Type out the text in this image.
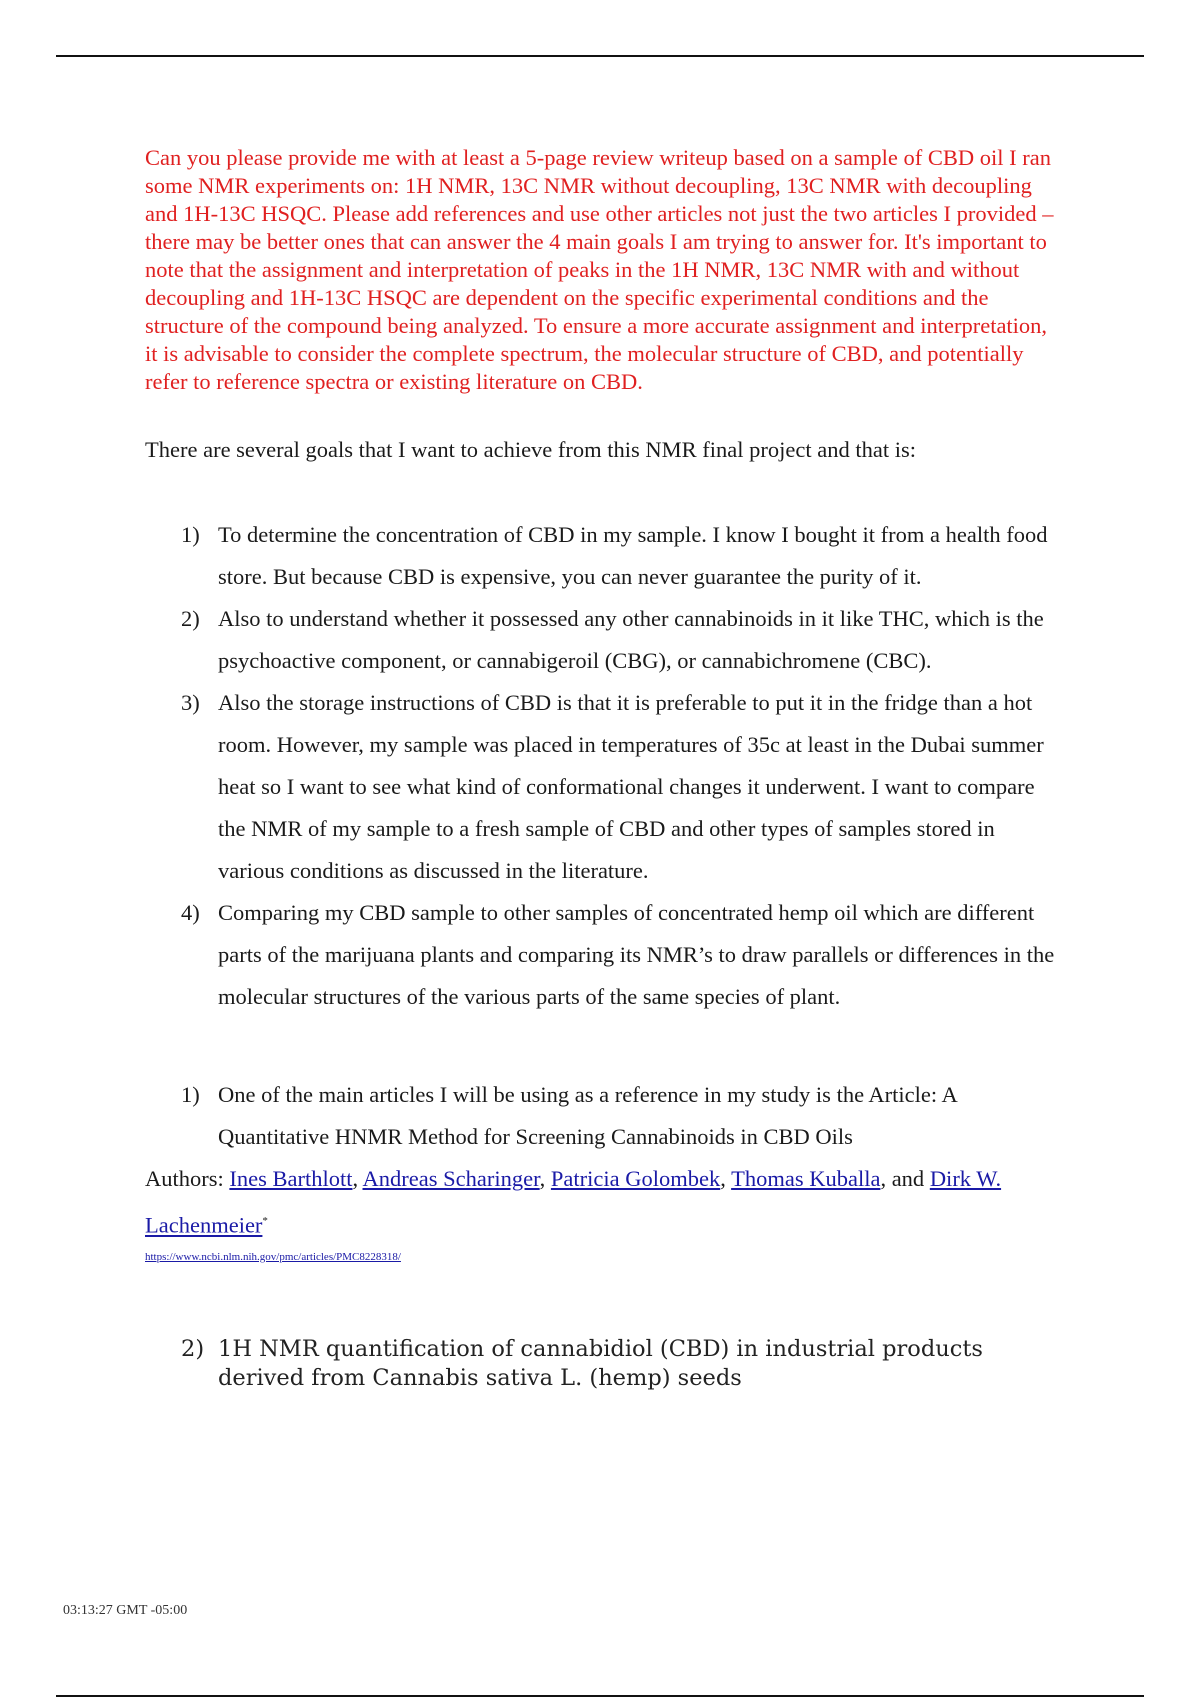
Can you please provide me with at least a 5-page review writeup based on a sample of CBD oil I ran some NMR experiments on: 1H NMR, 13C NMR without decoupling, 13C NMR with decoupling and 1H-13C HSQC. Please add references and use other articles not just the two articles I provided – there may be better ones that can answer the 4 main goals I am trying to answer for. It's important to note that the assignment and interpretation of peaks in the 1H NMR, 13C NMR with and without decoupling and 1H-13C HSQC are dependent on the specific experimental conditions and the structure of the compound being analyzed. To ensure a more accurate assignment and interpretation, it is advisable to consider the complete spectrum, the molecular structure of CBD, and potentially refer to reference spectra or existing literature on CBD.

There are several goals that I want to achieve from this NMR final project and that is:

1) To determine the concentration of CBD in my sample. I know I bought it from a health food store. But because CBD is expensive, you can never guarantee the purity of it.
2) Also to understand whether it possessed any other cannabinoids in it like THC, which is the psychoactive component, or cannabigeroil (CBG), or cannabichromene (CBC).
3) Also the storage instructions of CBD is that it is preferable to put it in the fridge than a hot room. However, my sample was placed in temperatures of 35c at least in the Dubai summer heat so I want to see what kind of conformational changes it underwent. I want to compare the NMR of my sample to a fresh sample of CBD and other types of samples stored in various conditions as discussed in the literature.
4) Comparing my CBD sample to other samples of concentrated hemp oil which are different parts of the marijuana plants and comparing its NMR’s to draw parallels or differences in the molecular structures of the various parts of the same species of plant.
1) One of the main articles I will be using as a reference in my study is the Article: A Quantitative HNMR Method for Screening Cannabinoids in CBD Oils

Authors: Ines Barthlott, Andreas Scharinger, Patricia Golombek, Thomas Kuballa, and Dirk W. Lachenmeier*

https://www.ncbi.nlm.nih.gov/pmc/articles/PMC8228318/
2) 1H NMR quantification of cannabidiol (CBD) in industrial products derived from Cannabis sativa L. (hemp) seeds
03:13:27 GMT -05:00
